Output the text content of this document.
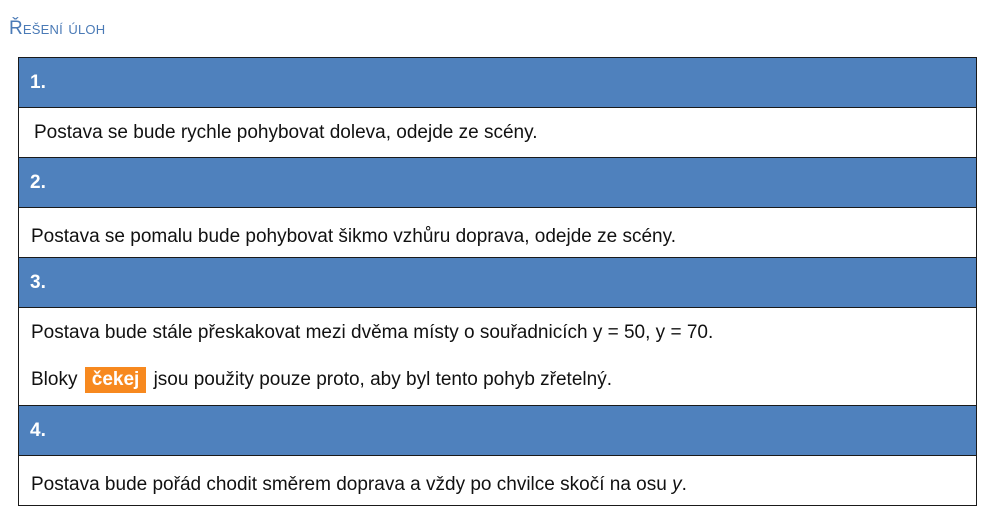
Řešení úloh
1.
Postava se bude rychle pohybovat doleva, odejde ze scény.
2.
Postava se pomalu bude pohybovat šikmo vzhůru doprava, odejde ze scény.
3.
Postava bude stále přeskakovat mezi dvěma místy o souřadnicích y = 50, y = 70.
Bloky čekej jsou použity pouze proto, aby byl tento pohyb zřetelný.
4.
Postava bude pořád chodit směrem doprava a vždy po chvilce skočí na osu y.
